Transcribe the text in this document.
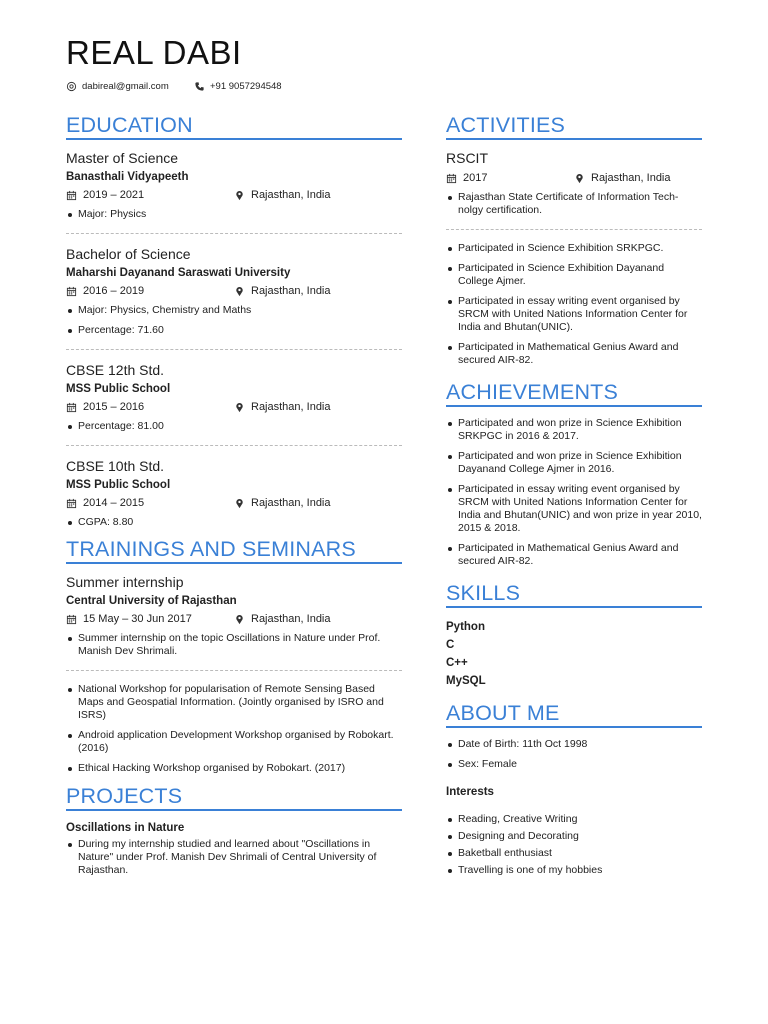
REAL DABI
dabireal@gmail.com	+91 9057294548
EDUCATION
Master of Science
Banasthali Vidyapeeth
2019 – 2021	Rajasthan, India
Major: Physics
Bachelor of Science
Maharshi Dayanand Saraswati University
2016 – 2019	Rajasthan, India
Major: Physics, Chemistry and Maths
Percentage: 71.60
CBSE 12th Std.
MSS Public School
2015 – 2016	Rajasthan, India
Percentage: 81.00
CBSE 10th Std.
MSS Public School
2014 – 2015	Rajasthan, India
CGPA: 8.80
TRAININGS AND SEMINARS
Summer internship
Central University of Rajasthan
15 May – 30 Jun 2017	Rajasthan, India
Summer internship on the topic Oscillations in Nature under Prof. Manish Dev Shrimali.
National Workshop for popularisation of Remote Sensing Based Maps and Geospatial Information. (Jointly organised by ISRO and ISRS)
Android application Development Workshop organised by Robokart. (2016)
Ethical Hacking Workshop organised by Robokart. (2017)
PROJECTS
Oscillations in Nature
During my internship studied and learned about "Oscillations in Nature" under Prof. Manish Dev Shrimali of Central University of Rajasthan.
ACTIVITIES
RSCIT
2017	Rajasthan, India
Rajasthan State Certificate of Information Tech-nolgy certification.
Participated in Science Exhibition SRKPGC.
Participated in Science Exhibition Dayanand College Ajmer.
Participated in essay writing event organised by SRCM with United Nations Information Center for India and Bhutan(UNIC).
Participated in Mathematical Genius Award and secured AIR-82.
ACHIEVEMENTS
Participated and won prize in Science Exhibition SRKPGC in 2016 & 2017.
Participated and won prize in Science Exhibition Dayanand College Ajmer in 2016.
Participated in essay writing event organised by SRCM with United Nations Information Center for India and Bhutan(UNIC) and won prize in year 2010, 2015 & 2018.
Participated in Mathematical Genius Award and secured AIR-82.
SKILLS
Python
C
C++
MySQL
ABOUT ME
Date of Birth: 11th Oct 1998
Sex: Female
Interests
Reading, Creative Writing
Designing and Decorating
Baketball enthusiast
Travelling is one of my hobbies
